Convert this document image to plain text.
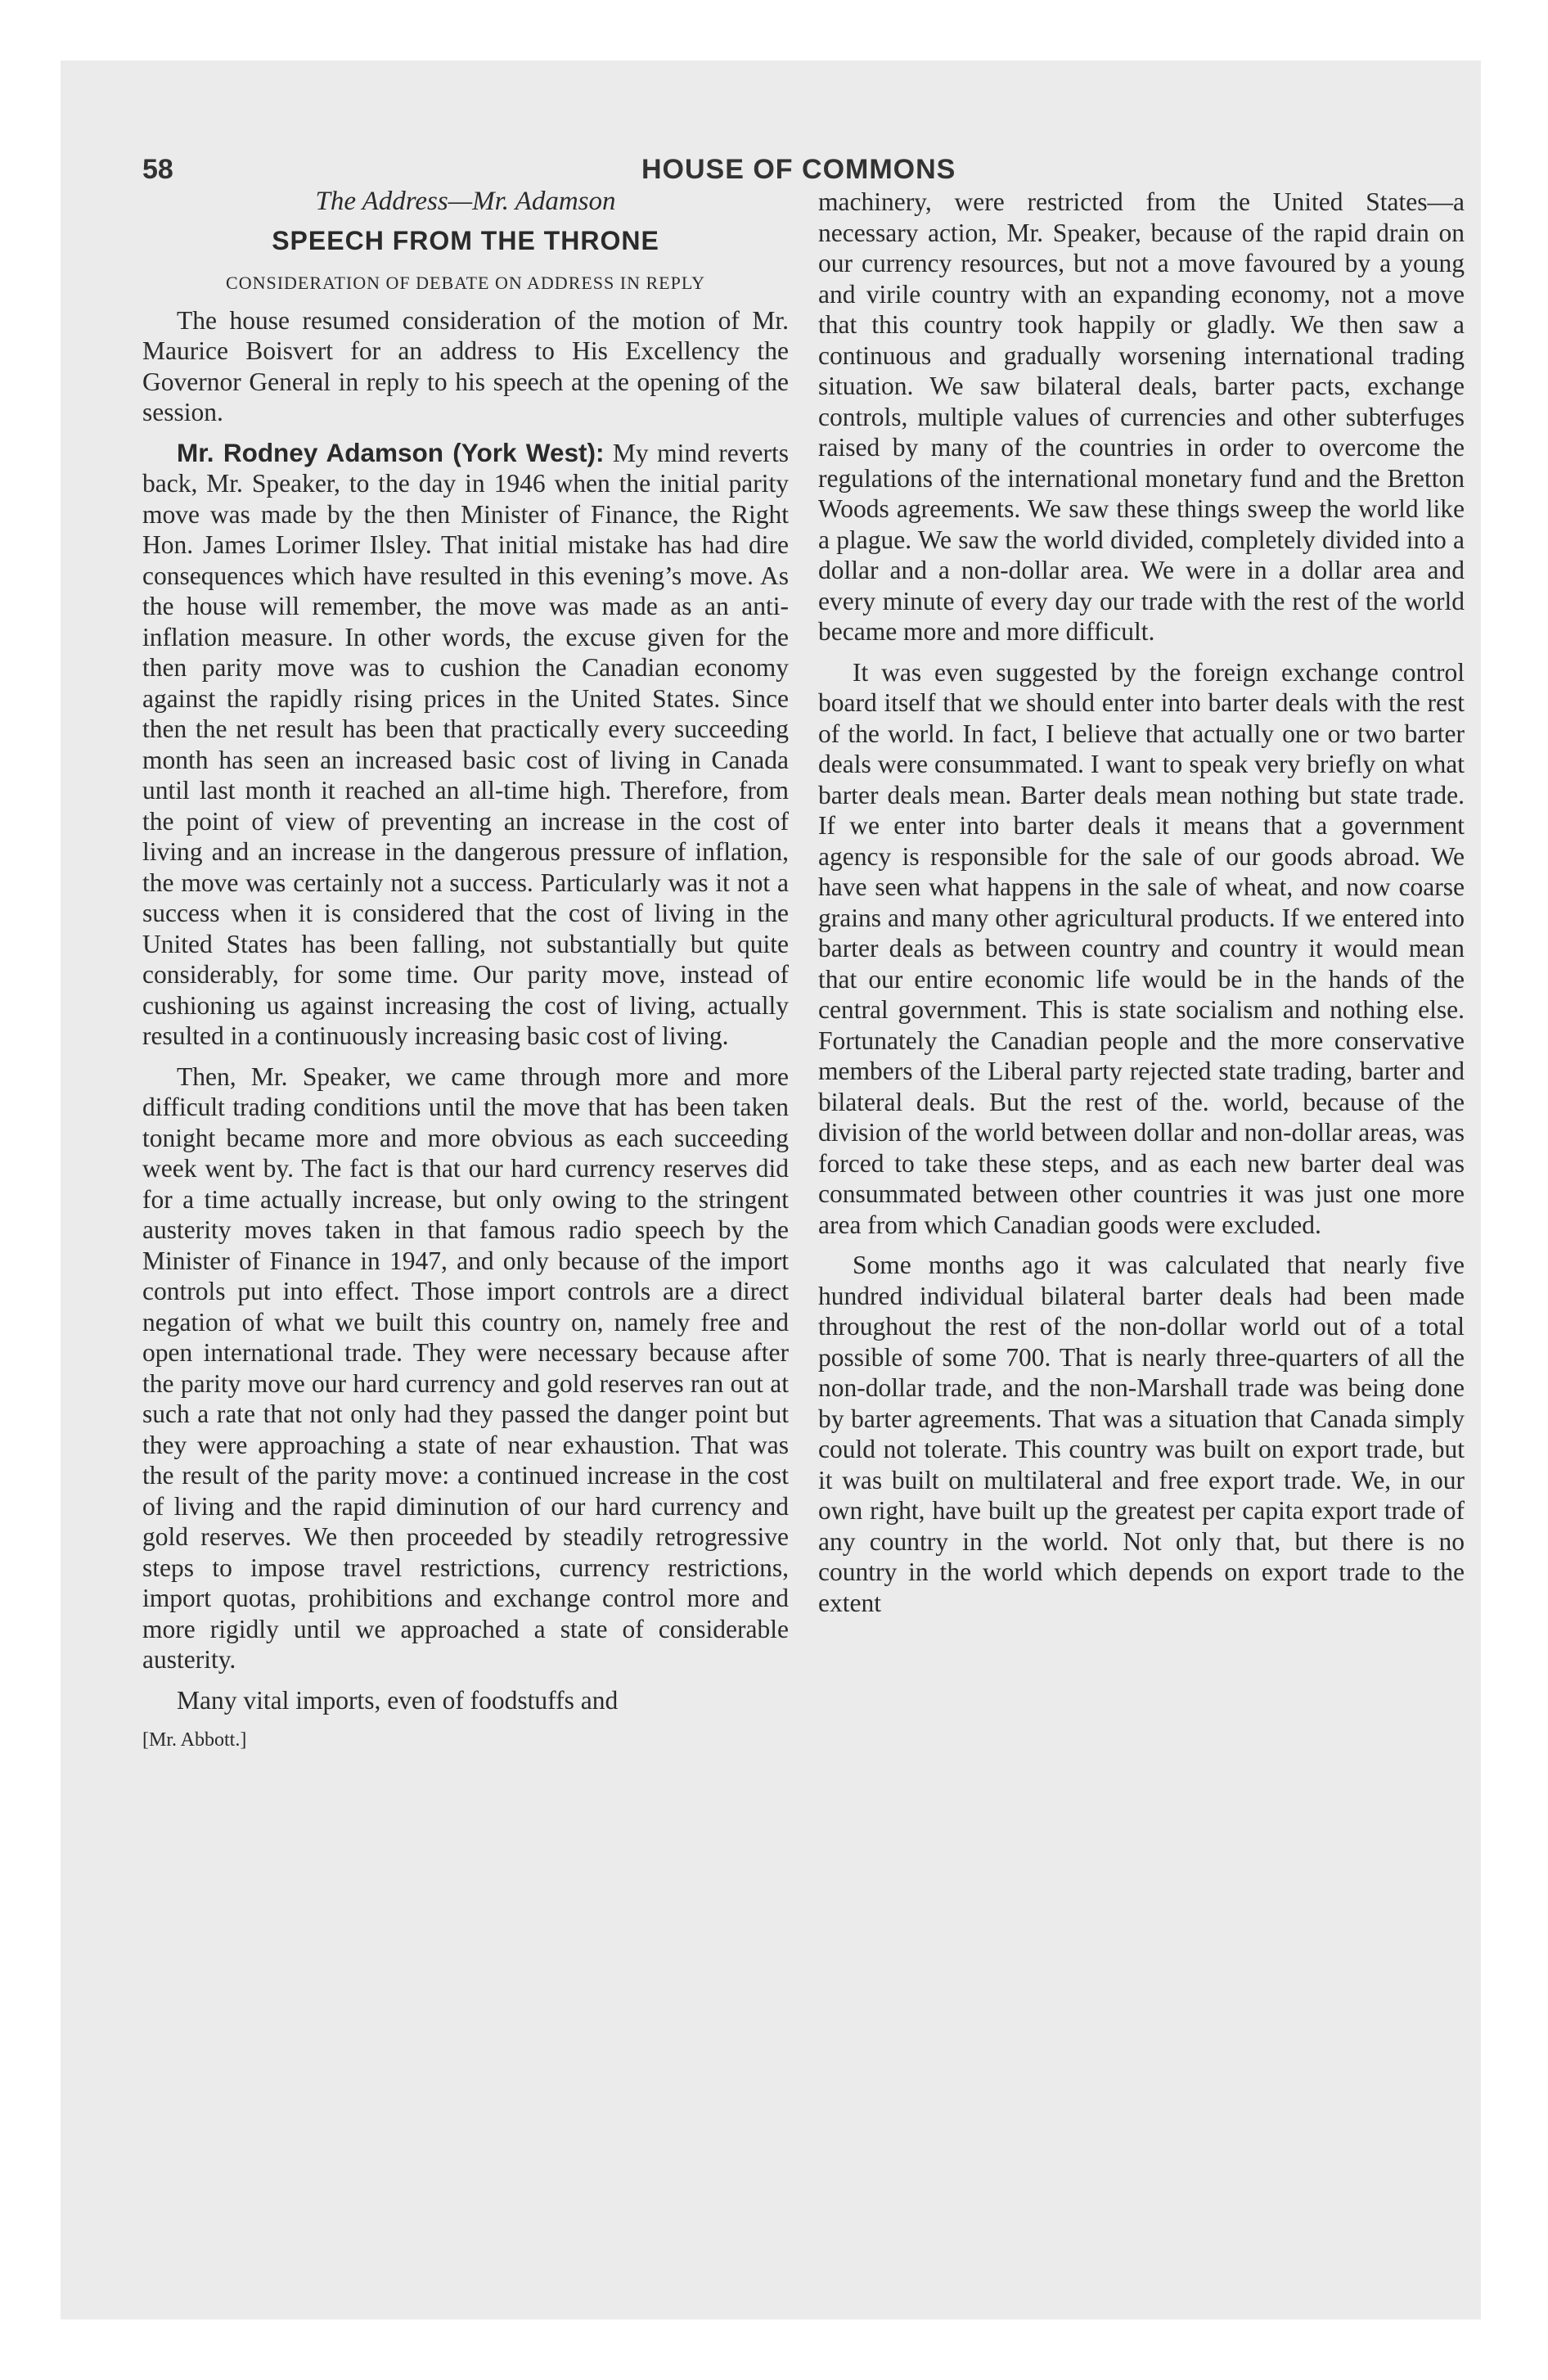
58	HOUSE OF COMMONS
The Address—Mr. Adamson
SPEECH FROM THE THRONE
CONSIDERATION OF DEBATE ON ADDRESS IN REPLY

The house resumed consideration of the motion of Mr. Maurice Boisvert for an address to His Excellency the Governor General in reply to his speech at the opening of the session.

Mr. Rodney Adamson (York West): My mind reverts back, Mr. Speaker, to the day in 1946 when the initial parity move was made by the then Minister of Finance, the Right Hon. James Lorimer Ilsley. That initial mistake has had dire consequences which have resulted in this evening’s move. As the house will remember, the move was made as an anti-inflation measure. In other words, the excuse given for the then parity move was to cushion the Canadian economy against the rapidly rising prices in the United States. Since then the net result has been that practically every succeeding month has seen an increased basic cost of living in Canada until last month it reached an all-time high. Therefore, from the point of view of preventing an increase in the cost of living and an increase in the dangerous pressure of inflation, the move was certainly not a success. Particularly was it not a success when it is considered that the cost of living in the United States has been falling, not substantially but quite considerably, for some time. Our parity move, instead of cushioning us against increasing the cost of living, actually resulted in a continuously increasing basic cost of living.

Then, Mr. Speaker, we came through more and more difficult trading conditions until the move that has been taken tonight became more and more obvious as each succeeding week went by. The fact is that our hard currency reserves did for a time actually increase, but only owing to the stringent austerity moves taken in that famous radio speech by the Minister of Finance in 1947, and only because of the import controls put into effect. Those import controls are a direct negation of what we built this country on, namely free and open international trade. They were necessary because after the parity move our hard currency and gold reserves ran out at such a rate that not only had they passed the danger point but they were approaching a state of near exhaustion. That was the result of the parity move: a continued increase in the cost of living and the rapid diminution of our hard currency and gold reserves. We then proceeded by steadily retrogressive steps to impose travel restrictions, currency restrictions, import quotas, prohibitions and exchange control more and more rigidly until we approached a state of considerable austerity.

Many vital imports, even of foodstuffs and

[Mr. Abbott.]

machinery, were restricted from the United States—a necessary action, Mr. Speaker, because of the rapid drain on our currency resources, but not a move favoured by a young and virile country with an expanding economy, not a move that this country took happily or gladly. We then saw a continuous and gradually worsening international trading situation. We saw bilateral deals, barter pacts, exchange controls, multiple values of currencies and other subterfuges raised by many of the countries in order to overcome the regulations of the international monetary fund and the Bretton Woods agreements. We saw these things sweep the world like a plague. We saw the world divided, completely divided into a dollar and a non-dollar area. We were in a dollar area and every minute of every day our trade with the rest of the world became more and more difficult.

It was even suggested by the foreign exchange control board itself that we should enter into barter deals with the rest of the world. In fact, I believe that actually one or two barter deals were consummated. I want to speak very briefly on what barter deals mean. Barter deals mean nothing but state trade. If we enter into barter deals it means that a government agency is responsible for the sale of our goods abroad. We have seen what happens in the sale of wheat, and now coarse grains and many other agricultural products. If we entered into barter deals as between country and country it would mean that our entire economic life would be in the hands of the central government. This is state socialism and nothing else. Fortunately the Canadian people and the more conservative members of the Liberal party rejected state trading, barter and bilateral deals. But the rest of the. world, because of the division of the world between dollar and non-dollar areas, was forced to take these steps, and as each new barter deal was consummated between other countries it was just one more area from which Canadian goods were excluded.

Some months ago it was calculated that nearly five hundred individual bilateral barter deals had been made throughout the rest of the non-dollar world out of a total possible of some 700. That is nearly three-quarters of all the non-dollar trade, and the non-Marshall trade was being done by barter agreements. That was a situation that Canada simply could not tolerate. This country was built on export trade, but it was built on multilateral and free export trade. We, in our own right, have built up the greatest per capita export trade of any country in the world. Not only that, but there is no country in the world which depends on export trade to the extent
